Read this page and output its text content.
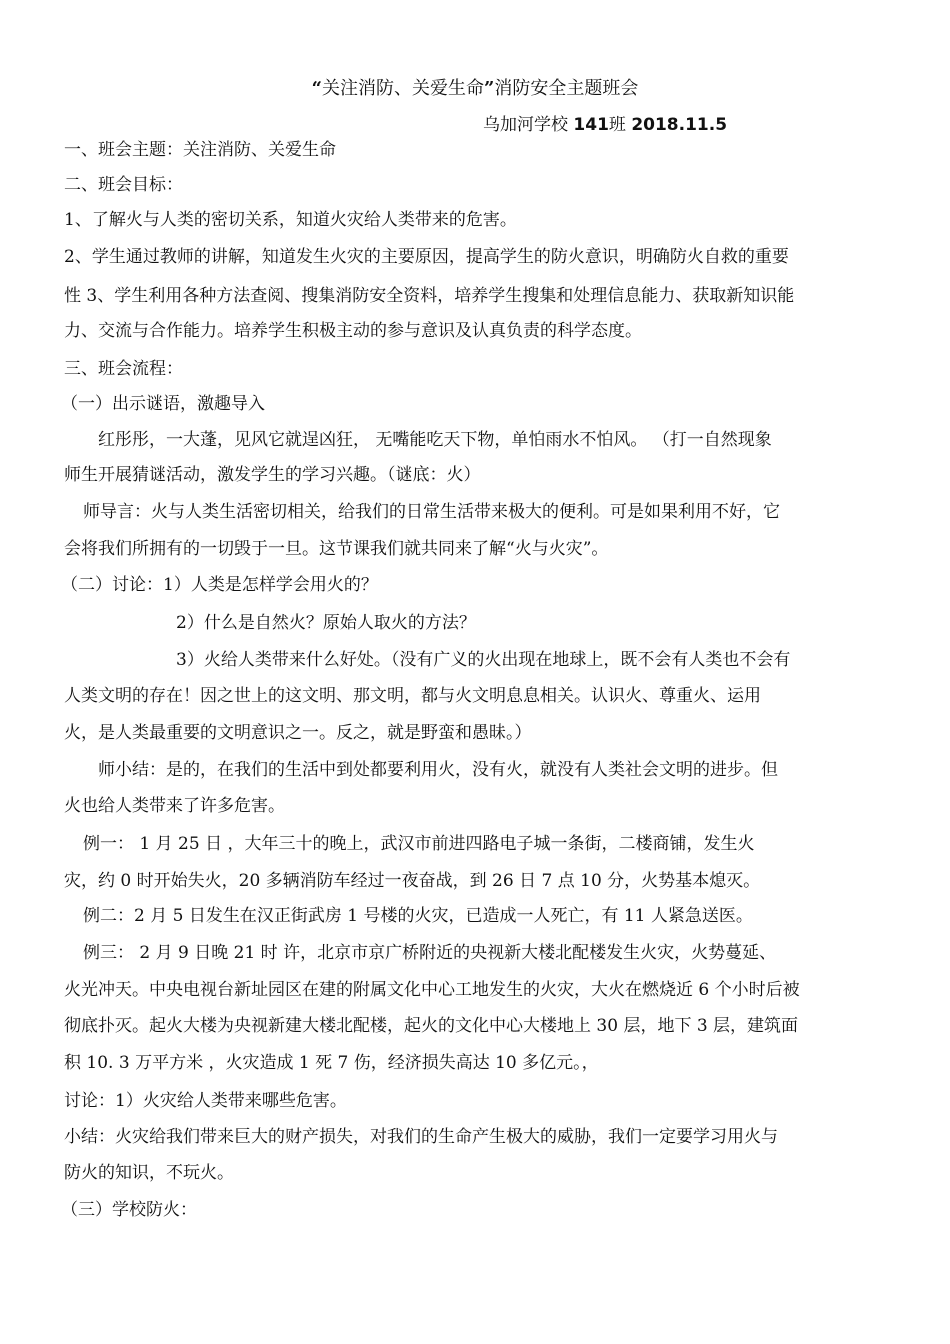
“关注消防、关爱生命”消防安全主题班会
乌加河学校 141班 2018.11.5
一、班会主题：关注消防、关爱生命
二、班会目标：
1、了解火与人类的密切关系，知道火灾给人类带来的危害。
2、学生通过教师的讲解，知道发生火灾的主要原因，提高学生的防火意识，明确防火自救的重要
性 3、学生利用各种方法查阅、搜集消防安全资料，培养学生搜集和处理信息能力、获取新知识能
力、交流与合作能力。培养学生积极主动的参与意识及认真负责的科学态度。
三、班会流程：
（一）出示谜语，激趣导入
红彤彤，一大蓬，见风它就逞凶狂， 无嘴能吃天下物，单怕雨水不怕风。 （打一自然现象
师生开展猜谜活动，激发学生的学习兴趣。（谜底：火）
师导言：火与人类生活密切相关，给我们的日常生活带来极大的便利。可是如果利用不好，它
会将我们所拥有的一切毁于一旦。这节课我们就共同来了解“火与火灾”。
（二）讨论：1）人类是怎样学会用火的？
2）什么是自然火？原始人取火的方法？
3）火给人类带来什么好处。（没有广义的火出现在地球上，既不会有人类也不会有
人类文明的存在！因之世上的这文明、那文明，都与火文明息息相关。认识火、尊重火、运用
火，是人类最重要的文明意识之一。反之，就是野蛮和愚昧。）
师小结：是的，在我们的生活中到处都要利用火，没有火，就没有人类社会文明的进步。但
火也给人类带来了许多危害。
例一： 1 月 25 日 ，大年三十的晚上，武汉市前进四路电子城一条街，二楼商铺，发生火
灾，约 0 时开始失火，20 多辆消防车经过一夜奋战，到 26 日 7 点 10 分，火势基本熄灭。
例二：2 月 5 日发生在汉正街武房 1 号楼的火灾，已造成一人死亡，有 11 人紧急送医。
例三： 2 月 9 日晚 21 时 许，北京市京广桥附近的央视新大楼北配楼发生火灾，火势蔓延、
火光冲天。中央电视台新址园区在建的附属文化中心工地发生的火灾，大火在燃烧近 6 个小时后被
彻底扑灭。起火大楼为央视新建大楼北配楼，起火的文化中心大楼地上 30 层，地下 3 层，建筑面
积 10. 3 万平方米 ，火灾造成 1 死 7 伤，经济损失高达 10 多亿元。，
讨论：1）火灾给人类带来哪些危害。
小结：火灾给我们带来巨大的财产损失，对我们的生命产生极大的威胁，我们一定要学习用火与
防火的知识，不玩火。
（三）学校防火：
